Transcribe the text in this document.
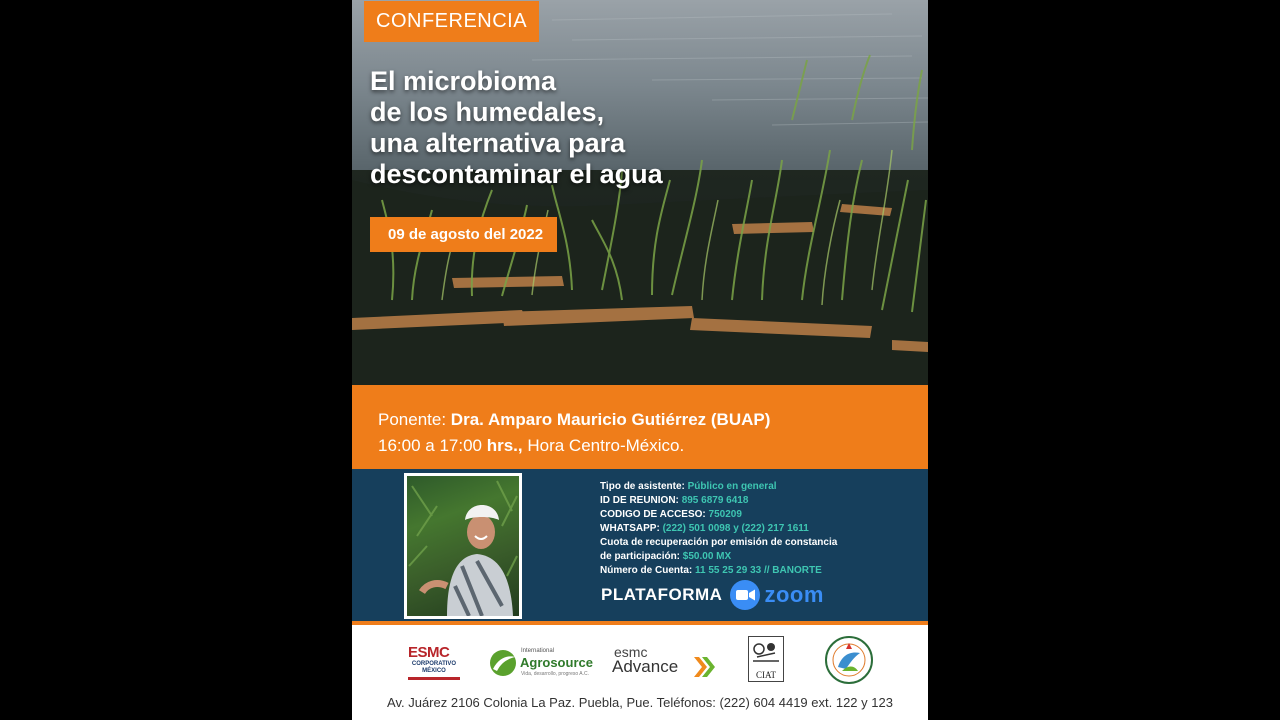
CONFERENCIA
El microbioma
de los humedales,
una alternativa para
descontaminar el agua
09 de agosto del 2022
Ponente: Dra. Amparo Mauricio Gutiérrez (BUAP)
16:00 a 17:00 hrs., Hora Centro-México.
Tipo de asistente: Público en general
ID DE REUNION: 895 6879 6418
CODIGO DE ACCESO: 750209
WHATSAPP: (222) 501 0098 y (222) 217 1611
Cuota de recuperación por emisión de constancia
de participación: $50.00 MX
Número de Cuenta: 11 55 25 29 33 // BANORTE
PLATAFORMA zoom
ESMC
CORPORATIVO MÉXICO
International
Agrosource
Vida, desarrollo, progreso A.C.
esmc
Advance	CIAT
Av. Juárez 2106 Colonia La Paz. Puebla, Pue. Teléfonos: (222) 604 4419 ext. 122 y 123
